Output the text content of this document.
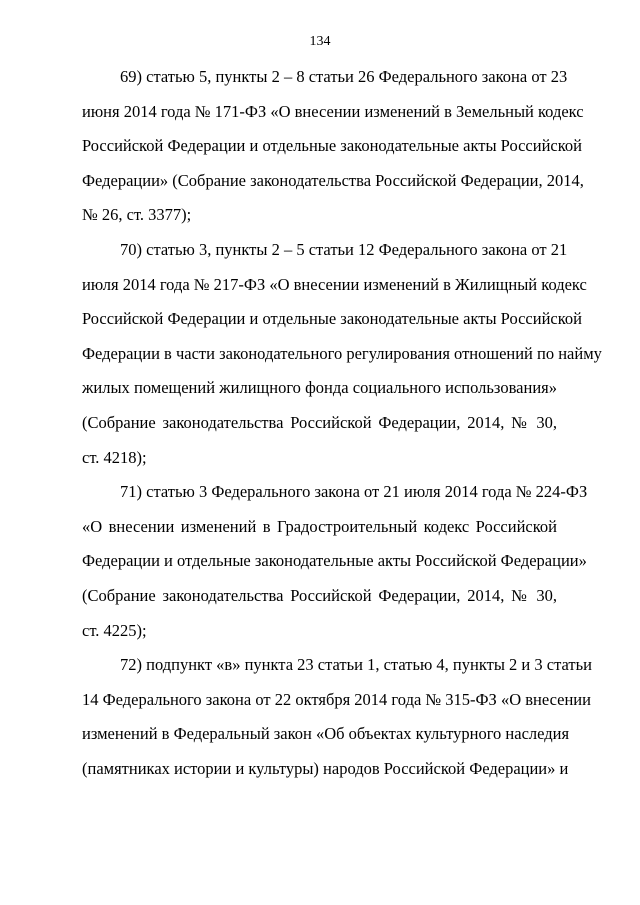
134
69) статью 5, пункты 2 – 8 статьи 26 Федерального закона от 23
июня 2014 года № 171-ФЗ «О внесении изменений в Земельный кодекс
Российской Федерации и отдельные законодательные акты Российской
Федерации» (Собрание законодательства Российской Федерации, 2014,
№ 26, ст. 3377);
70) статью 3, пункты 2 – 5 статьи 12 Федерального закона от 21
июля 2014 года № 217-ФЗ «О внесении изменений в Жилищный кодекс
Российской Федерации и отдельные законодательные акты Российской
Федерации в части законодательного регулирования отношений по найму
жилых помещений жилищного фонда социального использования»
(Собрание законодательства Российской Федерации, 2014, № 30,
ст. 4218);
71) статью 3 Федерального закона от 21 июля 2014 года № 224-ФЗ
«О внесении изменений в Градостроительный кодекс Российской
Федерации и отдельные законодательные акты Российской Федерации»
(Собрание законодательства Российской Федерации, 2014, № 30,
ст. 4225);
72) подпункт «в» пункта 23 статьи 1, статью 4, пункты 2 и 3 статьи
14 Федерального закона от 22 октября 2014 года № 315-ФЗ «О внесении
изменений в Федеральный закон «Об объектах культурного наследия
(памятниках истории и культуры) народов Российской Федерации» и
